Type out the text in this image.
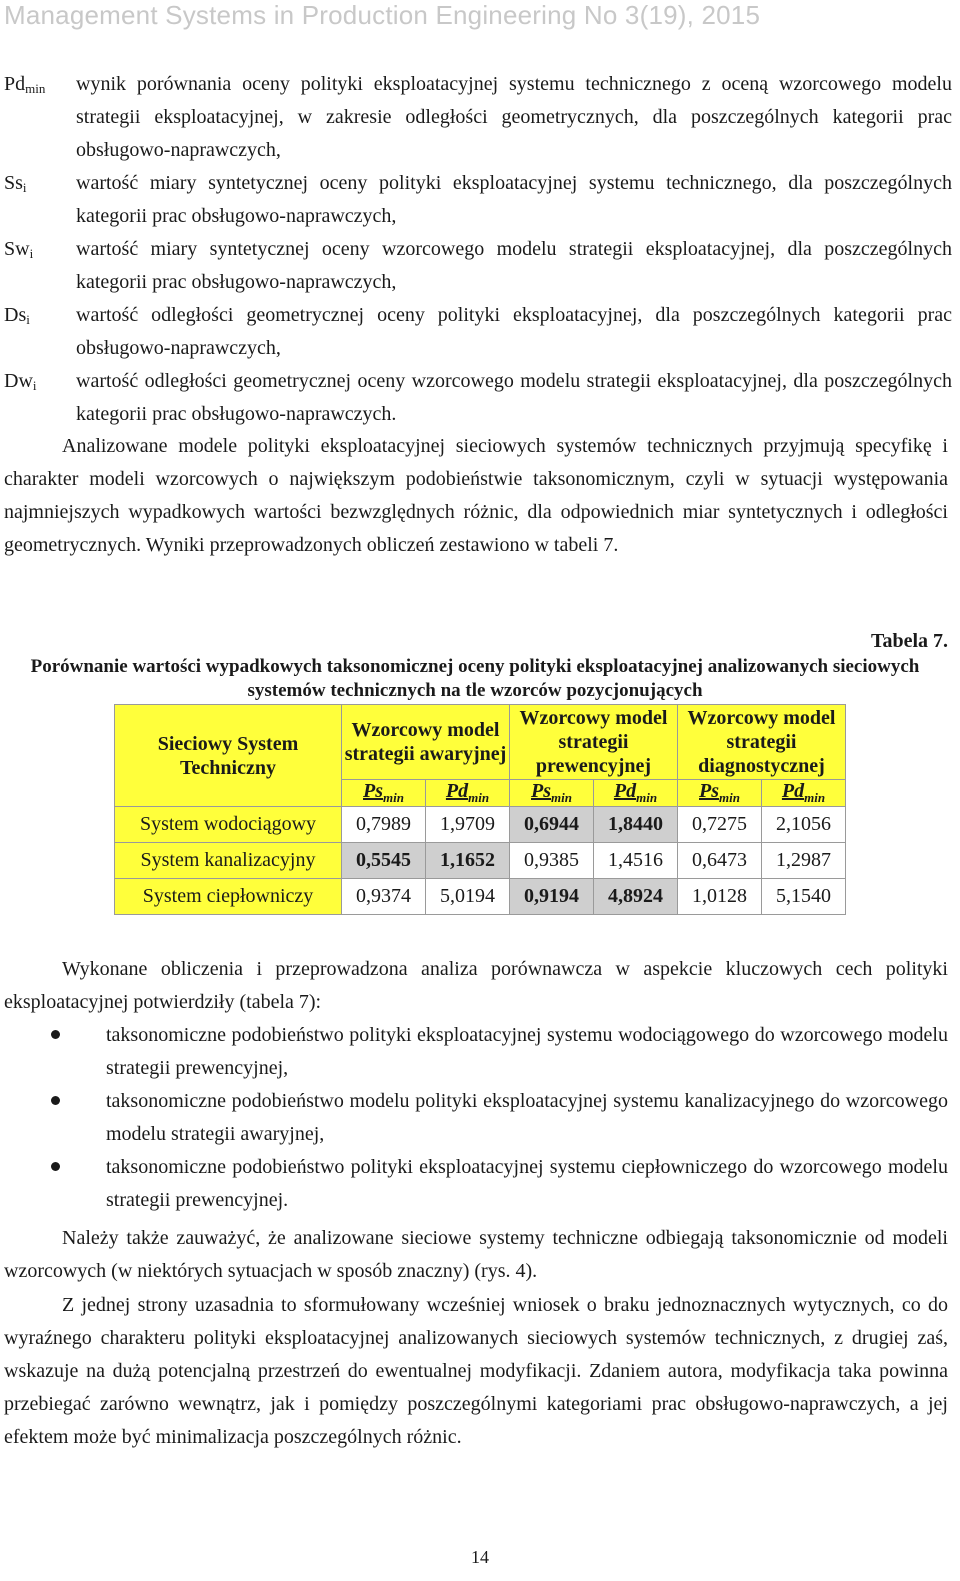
Management Systems in Production Engineering No 3(19), 2015
$Pd_{min}$	wynik porównania oceny polityki eksploatacyjnej systemu technicznego z oceną wzorcowego modelu strategii eksploatacyjnej, w zakresie odległości geometrycznych, dla poszczególnych kategorii prac obsługowo-naprawczych,
$Ss_i$	wartość miary syntetycznej oceny polityki eksploatacyjnej systemu technicznego, dla poszczególnych kategorii prac obsługowo-naprawczych,
$Sw_i$	wartość miary syntetycznej oceny wzorcowego modelu strategii eksploatacyjnej, dla poszczególnych kategorii prac obsługowo-naprawczych,
$Ds_i$	wartość odległości geometrycznej oceny polityki eksploatacyjnej, dla poszczególnych kategorii prac obsługowo-naprawczych,
$Dw_i$	wartość odległości geometrycznej oceny wzorcowego modelu strategii eksploatacyjnej, dla poszczególnych kategorii prac obsługowo-naprawczych.

Analizowane modele polityki eksploatacyjnej sieciowych systemów technicznych przyjmują specyfikę i charakter modeli wzorcowych o największym podobieństwie taksonomicznym, czyli w sytuacji występowania najmniejszych wypadkowych wartości bezwzględnych różnic, dla odpowiednich miar syntetycznych i odległości geometrycznych. Wyniki przeprowadzonych obliczeń zestawiono w tabeli 7.

Tabela 7.
Porównanie wartości wypadkowych taksonomicznej oceny polityki eksploatacyjnej analizowanych sieciowych systemów technicznych na tle wzorców pozycjonujących
Sieciowy System Techniczny	Wzorcowy model strategii awaryjnej		Wzorcowy model strategii prewencyjnej		Wzorcowy model strategii diagnostycznej	
	$Ps_{min}$	$Pd_{min}$	$Ps_{min}$	$Pd_{min}$	$Ps_{min}$	$Pd_{min}$
System wodociągowy	0,7989	1,9709	0,6944	1,8440	0,7275	2,1056
System kanalizacyjny	0,5545	1,1652	0,9385	1,4516	0,6473	1,2987
System ciepłowniczy	0,9374	5,0194	0,9194	4,8924	1,0128	5,1540

Wykonane obliczenia i przeprowadzona analiza porównawcza w aspekcie kluczowych cech polityki eksploatacyjnej potwierdziły (tabela 7):

taksonomiczne podobieństwo polityki eksploatacyjnej systemu wodociągowego do wzorcowego modelu strategii prewencyjnej,
taksonomiczne podobieństwo modelu polityki eksploatacyjnej systemu kanalizacyjnego do wzorcowego modelu strategii awaryjnej,
taksonomiczne podobieństwo polityki eksploatacyjnej systemu ciepłowniczego do wzorcowego modelu strategii prewencyjnej.

Należy także zauważyć, że analizowane sieciowe systemy techniczne odbiegają taksonomicznie od modeli wzorcowych (w niektórych sytuacjach w sposób znaczny) (rys. 4).

Z jednej strony uzasadnia to sformułowany wcześniej wniosek o braku jednoznacznych wytycznych, co do wyraźnego charakteru polityki eksploatacyjnej analizowanych sieciowych systemów technicznych, z drugiej zaś, wskazuje na dużą potencjalną przestrzeń do ewentualnej modyfikacji. Zdaniem autora, modyfikacja taka powinna przebiegać zarówno wewnątrz, jak i pomiędzy poszczególnymi kategoriami prac obsługowo-naprawczych, a jej efektem może być minimalizacja poszczególnych różnic.

14
